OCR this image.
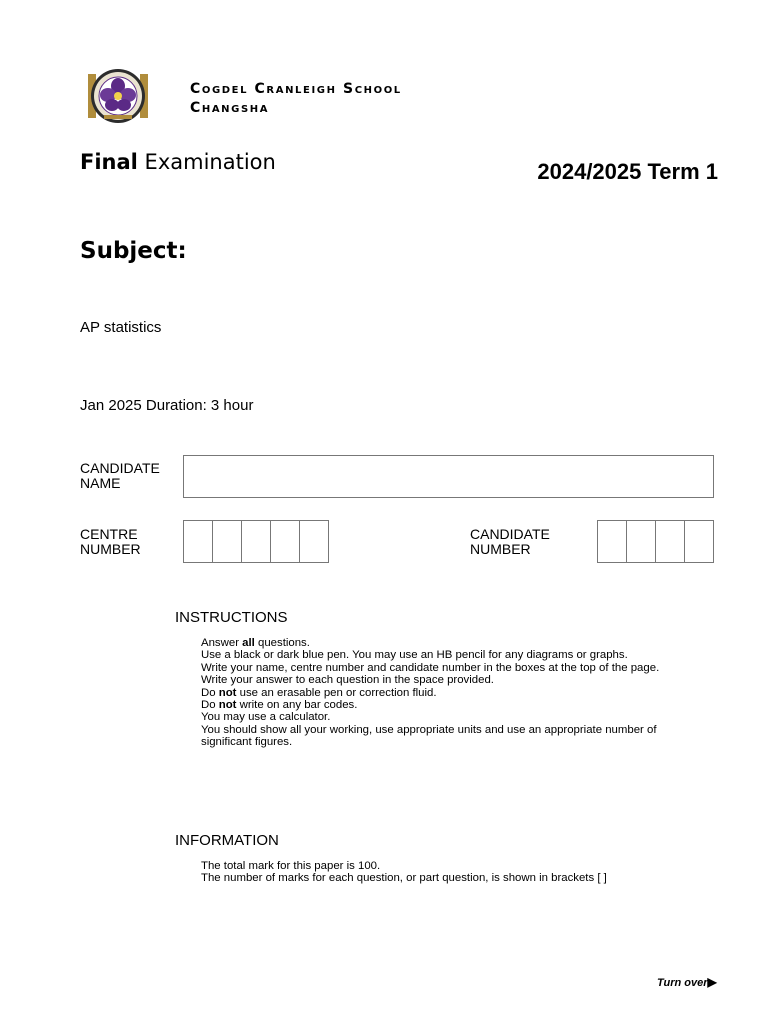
Cogdel Cranleigh School
Changsha
Final Examination	2024/2025 Term 1
Subject:
AP statistics
Jan 2025 Duration: 3 hour
CANDIDATE
NAME
CENTRE
NUMBER
CANDIDATE
NUMBER
INSTRUCTIONS
Answer all questions.
Use a black or dark blue pen. You may use an HB pencil for any diagrams or graphs.
Write your name, centre number and candidate number in the boxes at the top of the page.
Write your answer to each question in the space provided.
Do not use an erasable pen or correction fluid.
Do not write on any bar codes.
You may use a calculator.
You should show all your working, use appropriate units and use an appropriate number of significant figures.
INFORMATION
The total mark for this paper is 100.
The number of marks for each question, or part question, is shown in brackets [ ]
Turn over▶
